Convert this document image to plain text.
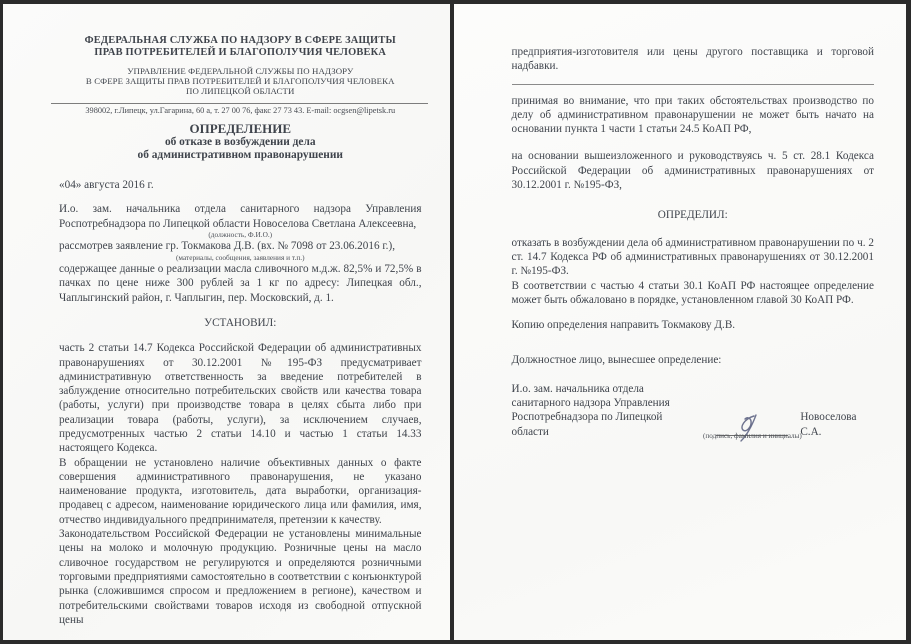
ФЕДЕРАЛЬНАЯ СЛУЖБА ПО НАДЗОРУ В СФЕРЕ ЗАЩИТЫ
ПРАВ ПОТРЕБИТЕЛЕЙ И БЛАГОПОЛУЧИЯ ЧЕЛОВЕКА
УПРАВЛЕНИЕ ФЕДЕРАЛЬНОЙ СЛУЖБЫ ПО НАДЗОРУ
В СФЕРЕ ЗАЩИТЫ ПРАВ ПОТРЕБИТЕЛЕЙ И БЛАГОПОЛУЧИЯ ЧЕЛОВЕКА
ПО ЛИПЕЦКОЙ ОБЛАСТИ
398002, г.Липецк, ул.Гагарина, 60 а, т. 27 00 76, факс 27 73 43. E-mail: ocgsen@lipetsk.ru
ОПРЕДЕЛЕНИЕ
об отказе в возбуждении дела
об административном правонарушении
«04» августа 2016 г.
И.о. зам. начальника отдела санитарного надзора Управления Роспотребнадзора по Липецкой области Новоселова Светлана Алексеевна,
(должность, Ф.И.О.)
рассмотрев заявление гр. Токмакова Д.В. (вх. № 7098 от 23.06.2016 г.),
(материалы, сообщения, заявления и т.п.)
содержащее данные о реализации масла сливочного м.д.ж. 82,5% и 72,5% в пачках по цене ниже 300 рублей за 1 кг по адресу: Липецкая обл., Чаплыгинский район, г. Чаплыгин, пер. Московский, д. 1.
УСТАНОВИЛ:
часть 2 статьи 14.7 Кодекса Российской Федерации об административных правонарушениях от 30.12.2001 №195-ФЗ предусматривает административную ответственность за введение потребителей в заблуждение относительно потребительских свойств или качества товара (работы, услуги) при производстве товара в целях сбыта либо при реализации товара (работы, услуги), за исключением случаев, предусмотренных частью 2 статьи 14.10 и частью 1 статьи 14.33 настоящего Кодекса.
В обращении не установлено наличие объективных данных о факте совершения административного правонарушения, не указано наименование продукта, изготовитель, дата выработки, организация-продавец с адресом, наименование юридического лица или фамилия, имя, отчество индивидуального предпринимателя, претензии к качеству.
Законодательством Российской Федерации не установлены минимальные цены на молоко и молочную продукцию. Розничные цены на масло сливочное государством не регулируются и определяются розничными торговыми предприятиями самостоятельно в соответствии с конъюнктурой рынка (сложившимся спросом и предложением в регионе), качеством и потребительскими свойствами товаров исходя из свободной отпускной цены
предприятия-изготовителя или цены другого поставщика и торговой надбавки.
принимая во внимание, что при таких обстоятельствах производство по делу об административном правонарушении не может быть начато на основании пункта 1 части 1 статьи 24.5 КоАП РФ,
на основании вышеизложенного и руководствуясь ч. 5 ст. 28.1 Кодекса Российской Федерации об административных правонарушениях от 30.12.2001 г. №195-ФЗ,
ОПРЕДЕЛИЛ:
отказать в возбуждении дела об административном правонарушении по ч. 2 ст. 14.7 Кодекса РФ об административных правонарушениях от 30.12.2001 г. №195-ФЗ.
В соответствии с частью 4 статьи 30.1 КоАП РФ настоящее определение может быть обжаловано в порядке, установленном главой 30 КоАП РФ.
Копию определения направить Токмакову Д.В.
Должностное лицо, вынесшее определение:
И.о. зам. начальника отдела
санитарного надзора Управления
Роспотребнадзора по Липецкой области	(подпись, фамилия и инициалы)
Новоселова С.А.
